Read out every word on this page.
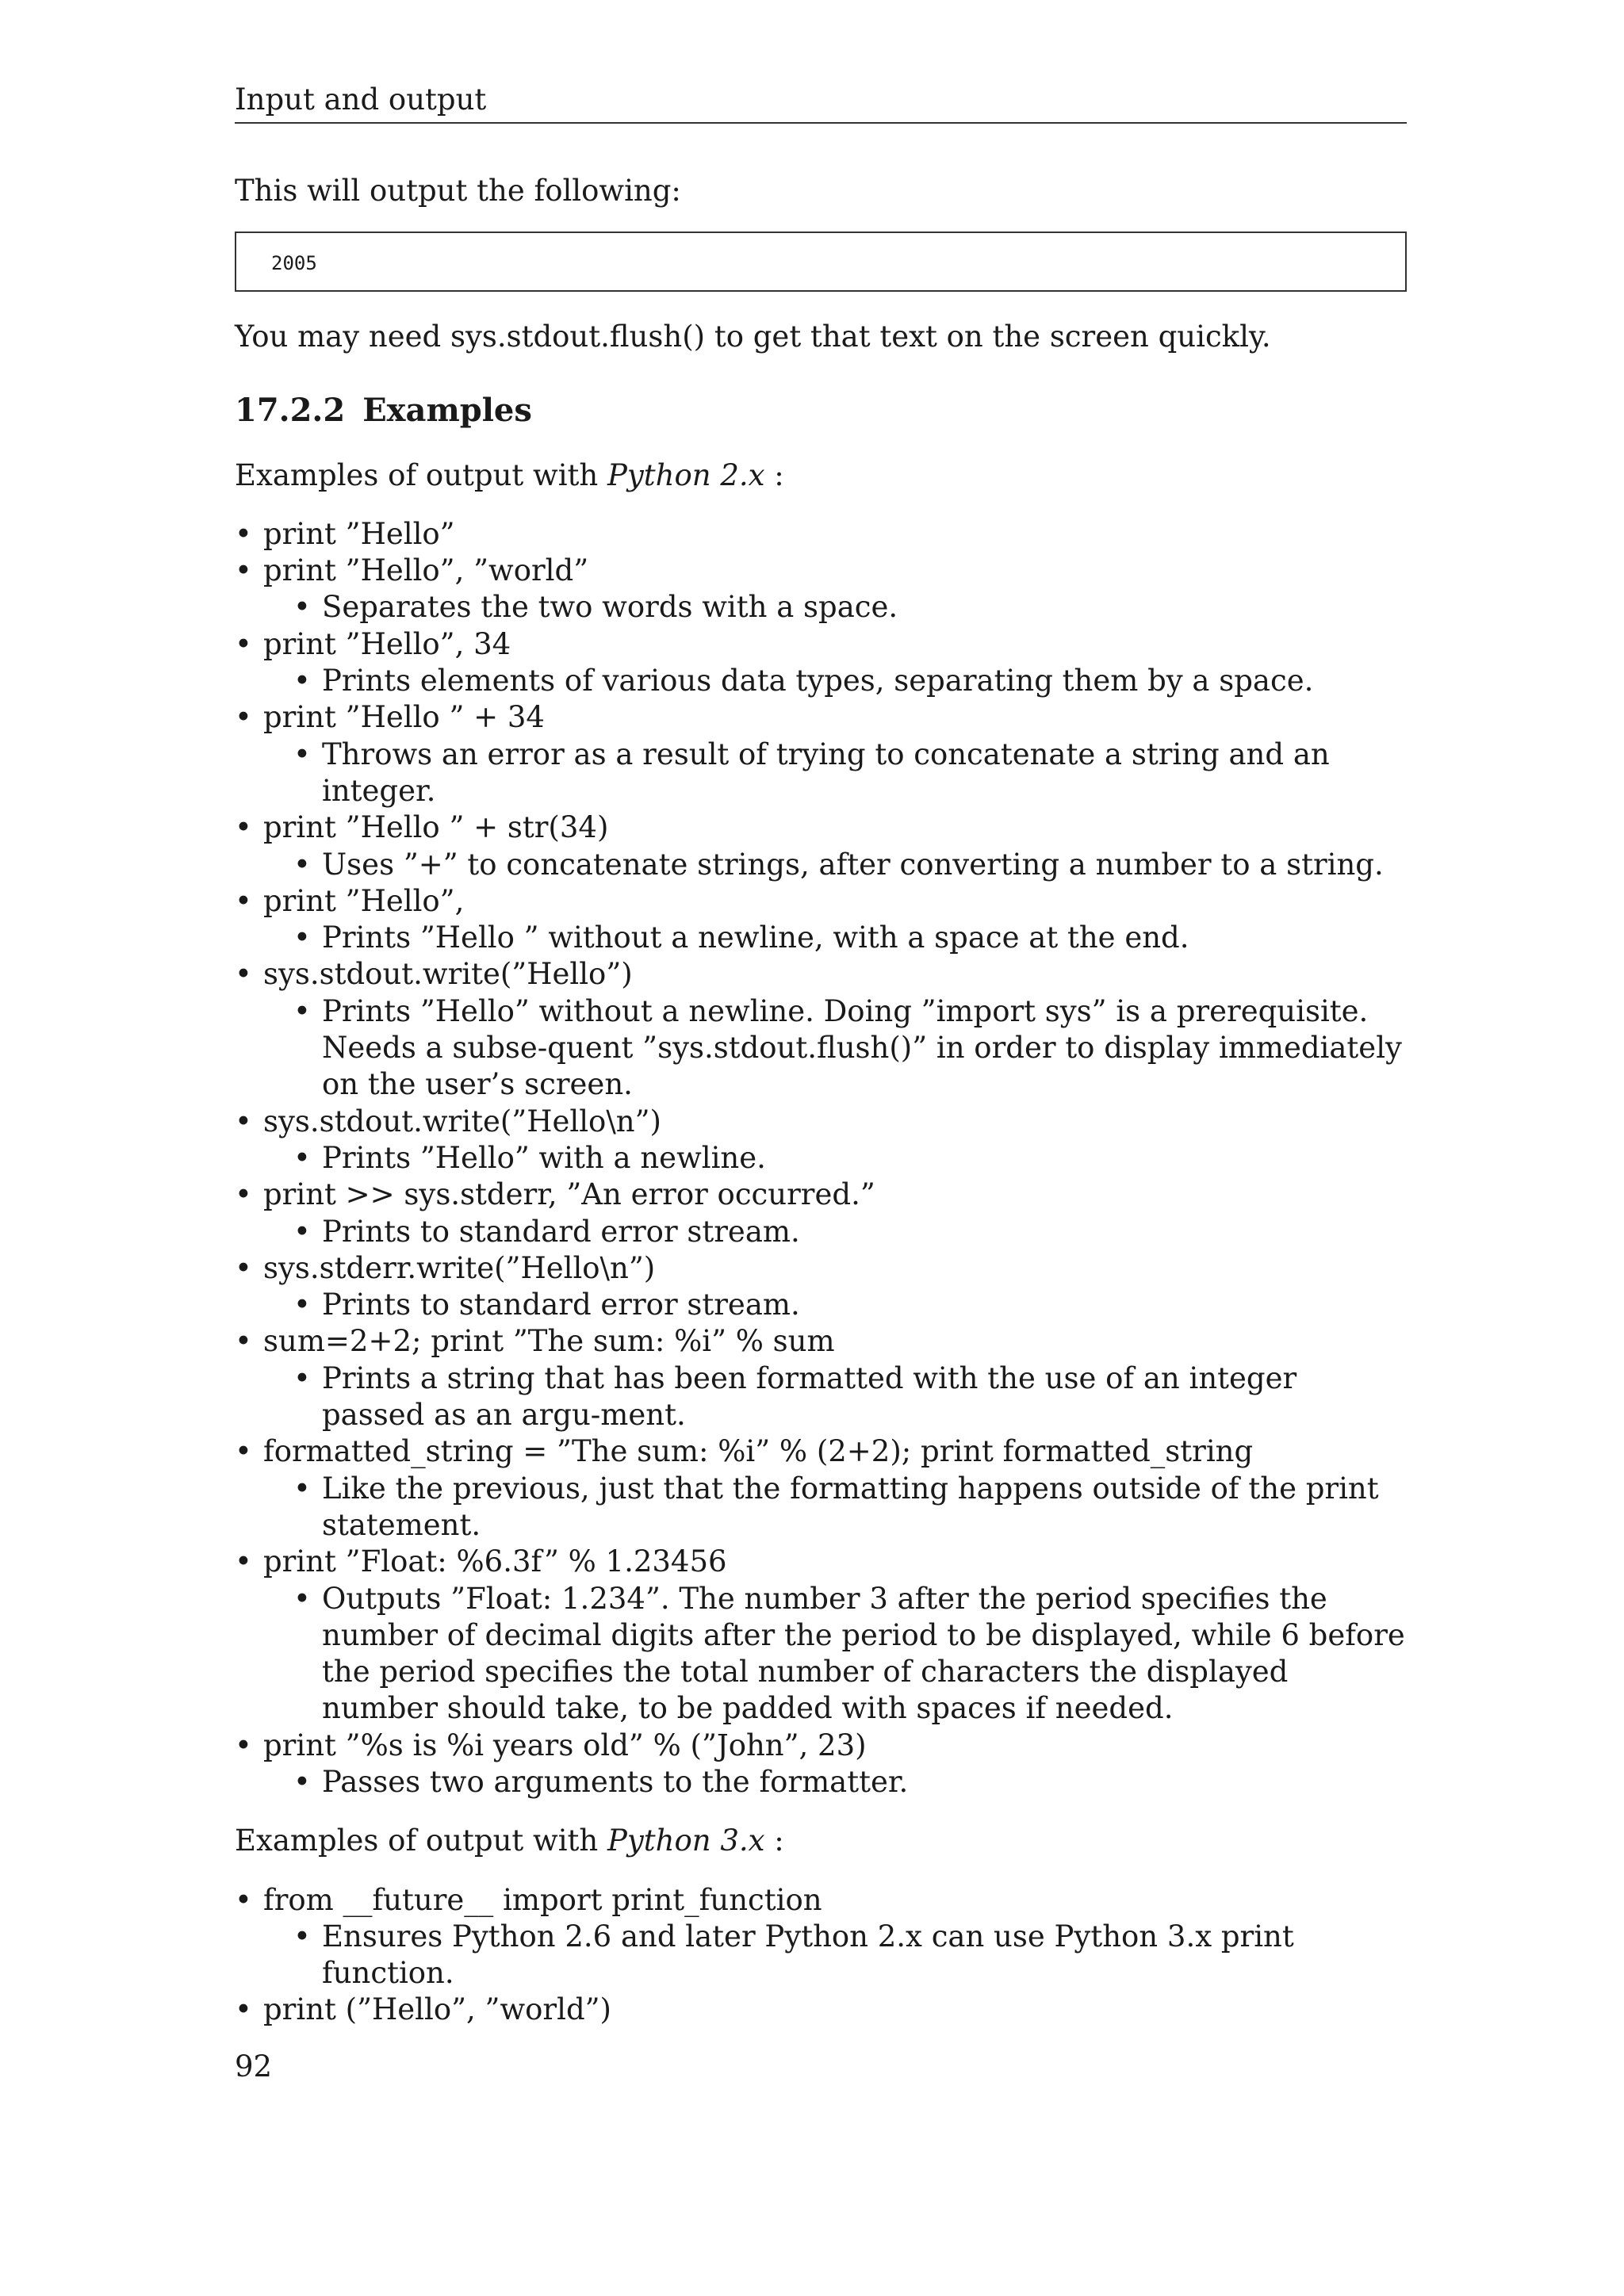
Input and output

This will output the following:

2005

You may need sys.stdout.flush() to get that text on the screen quickly.

17.2.2 Examples

Examples of output with Python 2.x :

• print ”Hello”
• print ”Hello”, ”world”
• Separates the two words with a space.
• print ”Hello”, 34
• Prints elements of various data types, separating them by a space.
• print ”Hello ” + 34
• Throws an error as a result of trying to concatenate a string and an integer.
• print ”Hello ” + str(34)
• Uses ”+” to concatenate strings, after converting a number to a string.
• print ”Hello”,
• Prints ”Hello ” without a newline, with a space at the end.
• sys.stdout.write(”Hello”)
• Prints ”Hello” without a newline. Doing ”import sys” is a prerequisite. Needs a subse-quent ”sys.stdout.flush()” in order to display immediately on the user’s screen.
• sys.stdout.write(”Hello\n”)
• Prints ”Hello” with a newline.
• print >> sys.stderr, ”An error occurred.”
• Prints to standard error stream.
• sys.stderr.write(”Hello\n”)
• Prints to standard error stream.
• sum=2+2; print ”The sum: %i” % sum
• Prints a string that has been formatted with the use of an integer passed as an argu-ment.
• formatted_string = ”The sum: %i” % (2+2); print formatted_string
• Like the previous, just that the formatting happens outside of the print statement.
• print ”Float: %6.3f” % 1.23456
• Outputs ”Float: 1.234”. The number 3 after the period specifies the number of decimal digits after the period to be displayed, while 6 before the period specifies the total number of characters the displayed number should take, to be padded with spaces if needed.
• print ”%s is %i years old” % (”John”, 23)
• Passes two arguments to the formatter.

Examples of output with Python 3.x :

• from __future__ import print_function
• Ensures Python 2.6 and later Python 2.x can use Python 3.x print function.
• print (”Hello”, ”world”)
92
